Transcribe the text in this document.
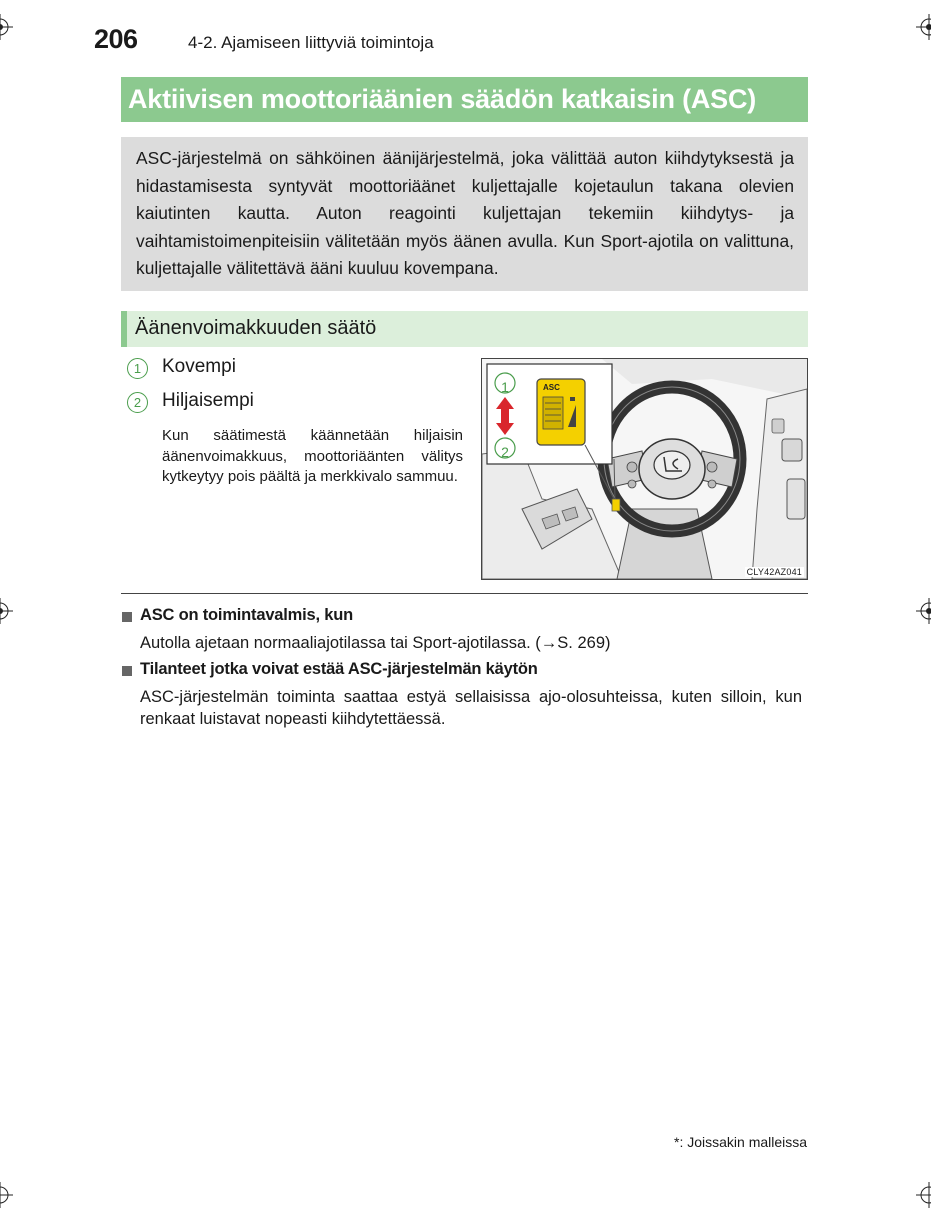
206	4-2. Ajamiseen liittyviä toimintoja
Aktiivisen moottoriäänien säädön katkaisin (ASC)

ASC-järjestelmä on sähköinen äänijärjestelmä, joka välittää auton kiihdytyksestä ja hidastamisesta syntyvät moottoriäänet kuljettajalle kojetaulun takana olevien kaiutinten kautta. Auton reagointi kuljettajan tekemiin kiihdytys- ja vaihtamistoimenpiteisiin välitetään myös äänen avulla. Kun Sport-ajotila on valittuna, kuljettajalle välitettävä ääni kuuluu kovempana.

Äänenvoimakkuuden säätö
1	Kovempi
2	Hiljaisempi
Kun säätimestä käännetään hiljaisin äänenvoimakkuus, moottoriäänten välitys kytkeytyy pois päältä ja merkkivalo sammuu.
1
2
ASC
CLY42AZ041
ASC on toimintavalmis, kun
Autolla ajetaan normaaliajotilassa tai Sport-ajotilassa. (→S. 269)
Tilanteet jotka voivat estää ASC-järjestelmän käytön
ASC-järjestelmän toiminta saattaa estyä sellaisissa ajo-olosuhteissa, kuten silloin, kun renkaat luistavat nopeasti kiihdytettäessä.
*: Joissakin malleissa
